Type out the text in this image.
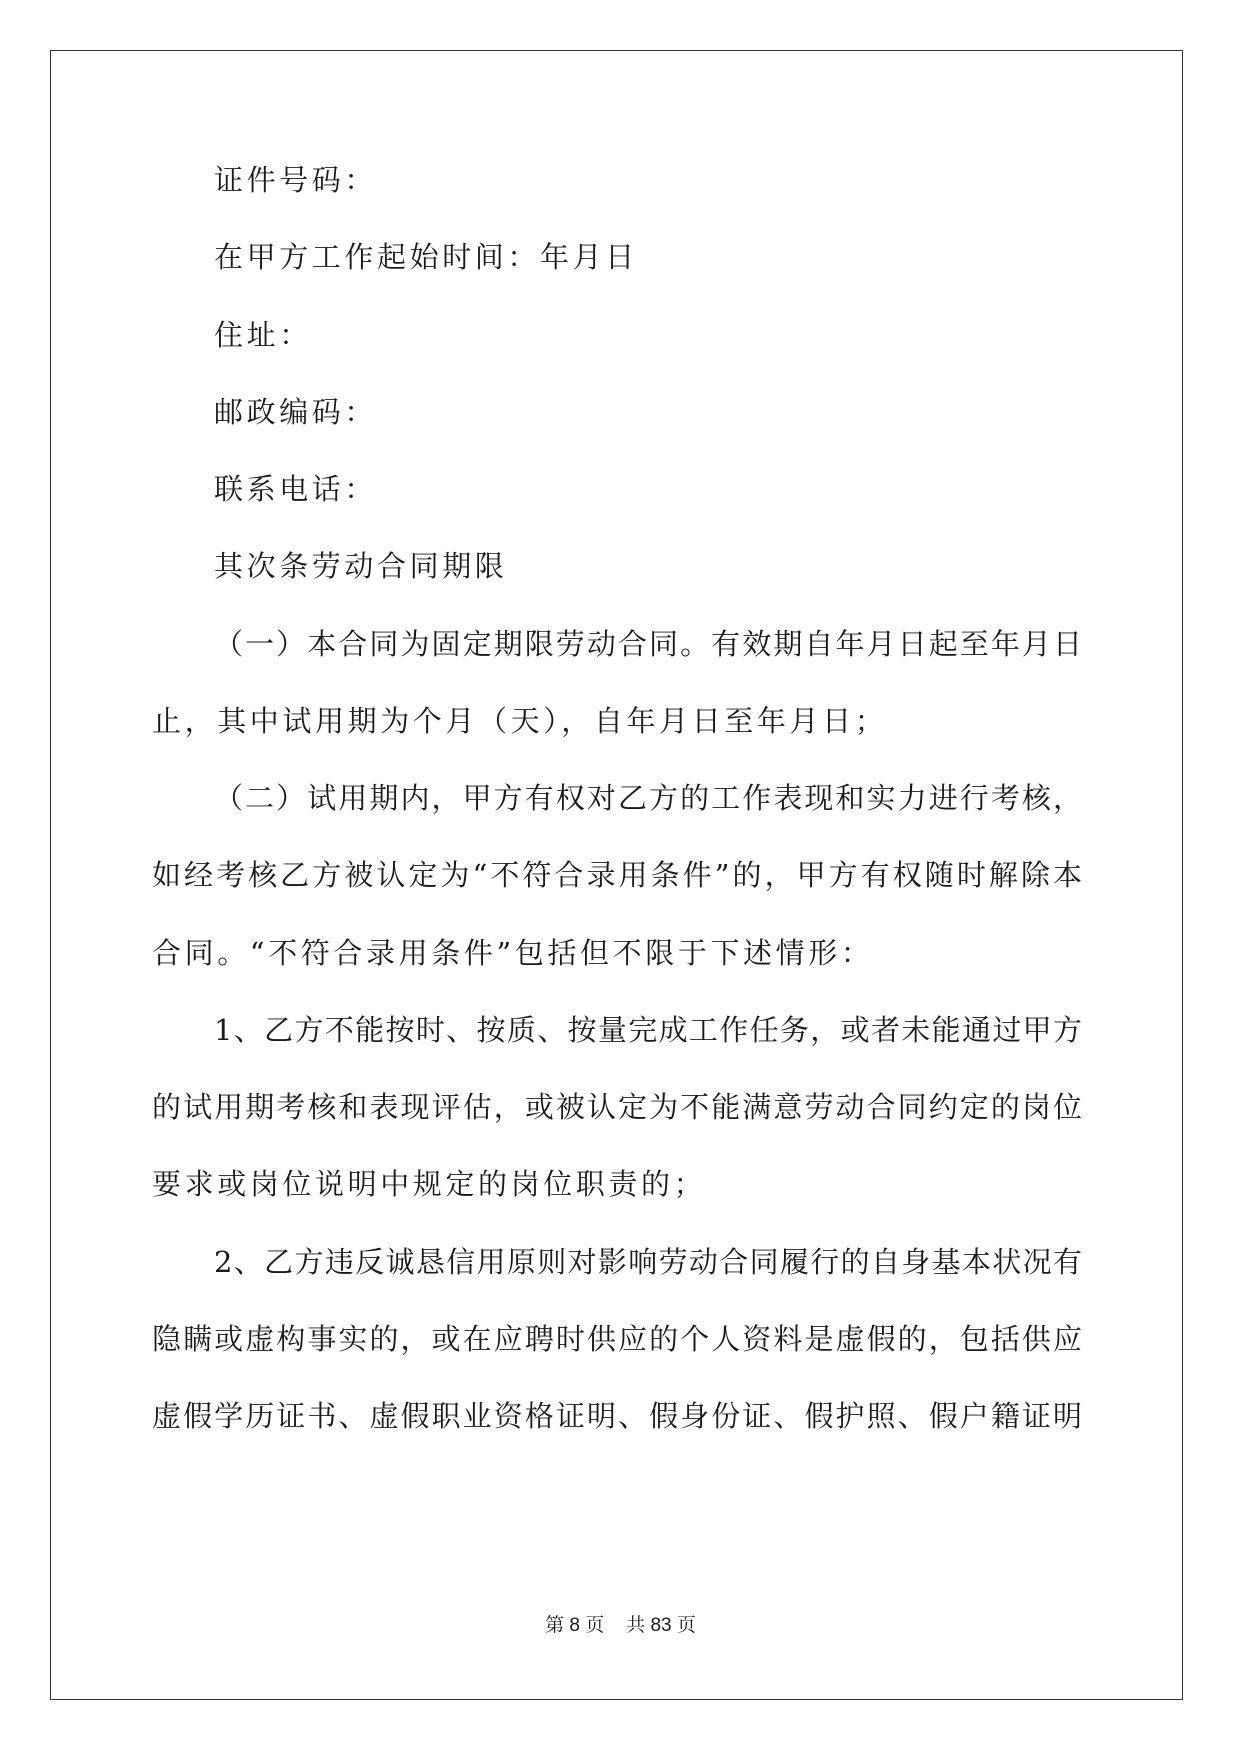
证件号码：
在甲方工作起始时间：年月日
住址：
邮政编码：
联系电话：
其次条劳动合同期限
（一）本合同为固定期限劳动合同。有效期自年月日起至年月日
止，其中试用期为个月（天），自年月日至年月日；
（二）试用期内，甲方有权对乙方的工作表现和实力进行考核，
如经考核乙方被认定为“不符合录用条件”的，甲方有权随时解除本
合同。“不符合录用条件”包括但不限于下述情形：
1、乙方不能按时、按质、按量完成工作任务，或者未能通过甲方
的试用期考核和表现评估，或被认定为不能满意劳动合同约定的岗位
要求或岗位说明中规定的岗位职责的；
2、乙方违反诚恳信用原则对影响劳动合同履行的自身基本状况有
隐瞒或虚构事实的，或在应聘时供应的个人资料是虚假的，包括供应
虚假学历证书、虚假职业资格证明、假身份证、假护照、假户籍证明
第 8 页 共 83 页
